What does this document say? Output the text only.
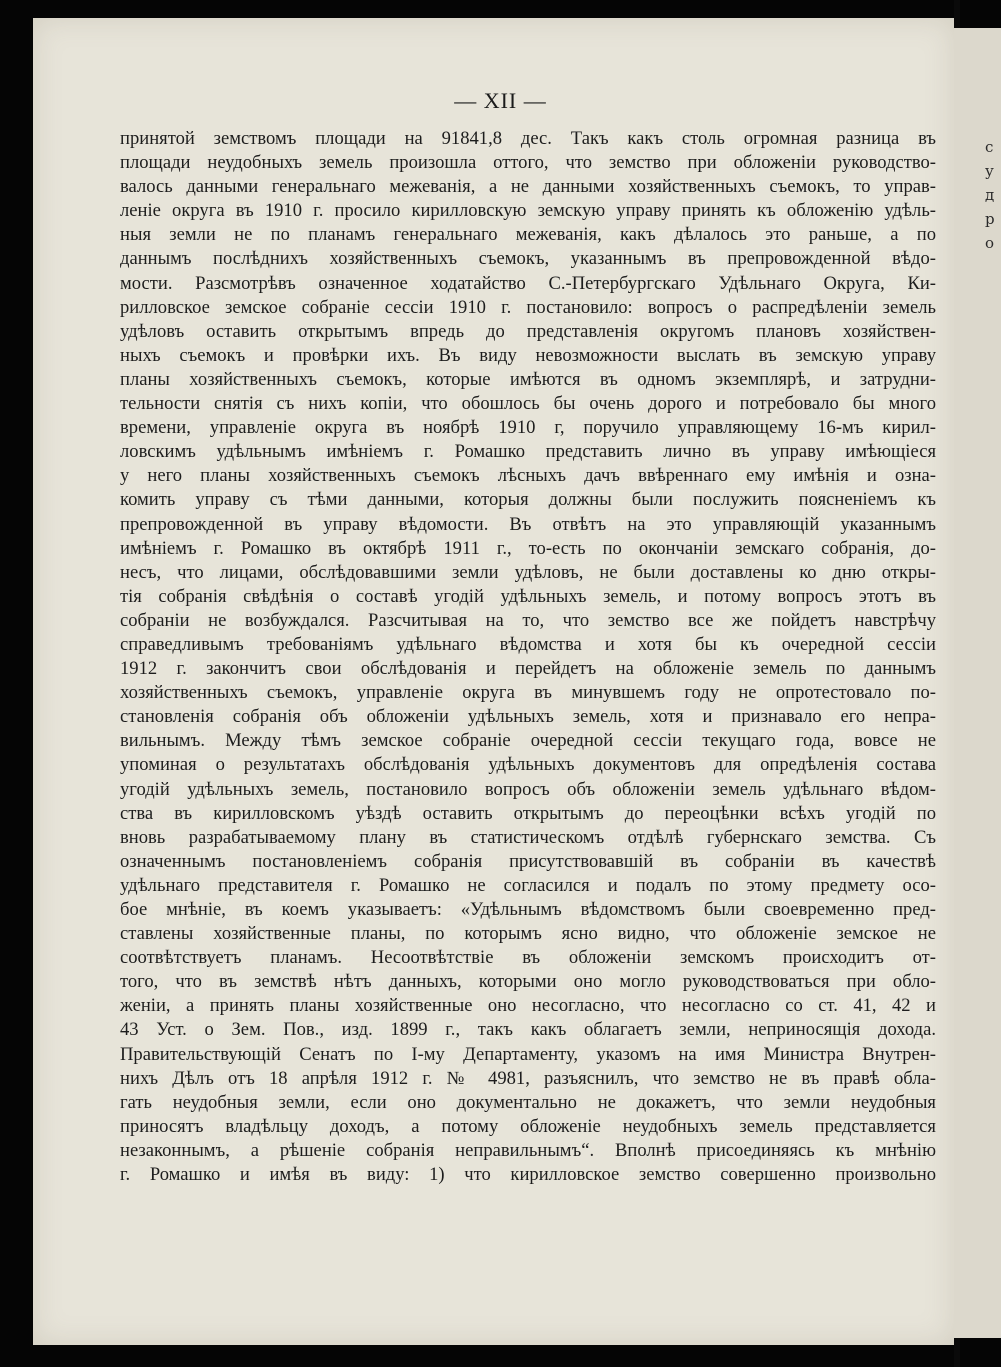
с
у
д
р
о
— XII —
принятой земствомъ площади на 91841,8 дес. Такъ какъ столь огромная разница въ
площади неудобныхъ земель произошла оттого, что земство при обложеніи руководство-
валось данными генеральнаго межеванія, а не данными хозяйственныхъ съемокъ, то управ-
леніе округа въ 1910 г. просило кирилловскую земскую управу принять къ обложенію удѣль-
ныя земли не по планамъ генеральнаго межеванія, какъ дѣлалось это раньше, а по
даннымъ послѣднихъ хозяйственныхъ съемокъ, указаннымъ въ препровожденной вѣдо-
мости. Разсмотрѣвъ означенное ходатайство С.-Петербургскаго Удѣльнаго Округа, Ки-
рилловское земское собраніе сессіи 1910 г. постановило: вопросъ о распредѣленіи земель
удѣловъ оставить открытымъ впредь до представленія округомъ плановъ хозяйствен-
ныхъ съемокъ и провѣрки ихъ. Въ виду невозможности выслать въ земскую управу
планы хозяйственныхъ съемокъ, которые имѣются въ одномъ экземплярѣ, и затрудни-
тельности снятія съ нихъ копіи, что обошлось бы очень дорого и потребовало бы много
времени, управленіе округа въ ноябрѣ 1910 г, поручило управляющему 16-мъ кирил-
ловскимъ удѣльнымъ имѣніемъ г. Ромашко представить лично въ управу имѣющіеся
у него планы хозяйственныхъ съемокъ лѣсныхъ дачъ ввѣреннаго ему имѣнія и озна-
комить управу съ тѣми данными, которыя должны были послужить поясненіемъ къ
препровожденной въ управу вѣдомости. Въ отвѣтъ на это управляющій указаннымъ
имѣніемъ г. Ромашко въ октябрѣ 1911 г., то-есть по окончаніи земскаго собранія, до-
несъ, что лицами, обслѣдовавшими земли удѣловъ, не были доставлены ко дню откры-
тія собранія свѣдѣнія о составѣ угодій удѣльныхъ земель, и потому вопросъ этотъ въ
собраніи не возбуждался. Разсчитывая на то, что земство все же пойдетъ навстрѣчу
справедливымъ требованіямъ удѣльнаго вѣдомства и хотя бы къ очередной сессіи
1912 г. закончитъ свои обслѣдованія и перейдетъ на обложеніе земель по даннымъ
хозяйственныхъ съемокъ, управленіе округа въ минувшемъ году не опротестовало по-
становленія собранія объ обложеніи удѣльныхъ земель, хотя и признавало его непра-
вильнымъ. Между тѣмъ земское собраніе очередной сессіи текущаго года, вовсе не
упоминая о результатахъ обслѣдованія удѣльныхъ документовъ для опредѣленія состава
угодій удѣльныхъ земель, постановило вопросъ объ обложеніи земель удѣльнаго вѣдом-
ства въ кирилловскомъ уѣздѣ оставить открытымъ до переоцѣнки всѣхъ угодій по
вновь разрабатываемому плану въ статистическомъ отдѣлѣ губернскаго земства. Съ
означеннымъ постановленіемъ собранія присутствовавшій въ собраніи въ качествѣ
удѣльнаго представителя г. Ромашко не согласился и подалъ по этому предмету осо-
бое мнѣніе, въ коемъ указываетъ: «Удѣльнымъ вѣдомствомъ были своевременно пред-
ставлены хозяйственные планы, по которымъ ясно видно, что обложеніе земское не
соотвѣтствуетъ планамъ. Несоотвѣтствіе въ обложеніи земскомъ происходитъ от-
того, что въ земствѣ нѣтъ данныхъ, которыми оно могло руководствоваться при обло-
женіи, а принять планы хозяйственные оно несогласно, что несогласно со ст. 41, 42 и
43 Уст. о Зем. Пов., изд. 1899 г., такъ какъ облагаетъ земли, неприносящія дохода.
Правительствующій Сенатъ по I-му Департаменту, указомъ на имя Министра Внутрен-
нихъ Дѣлъ отъ 18 апрѣля 1912 г. № 4981, разъяснилъ, что земство не въ правѣ обла-
гать неудобныя земли, если оно документально не докажетъ, что земли неудобныя
приносятъ владѣльцу доходъ, а потому обложеніе неудобныхъ земель представляется
незаконнымъ, а рѣшеніе собранія неправильнымъ“. Вполнѣ присоединяясь къ мнѣнію
г. Ромашко и имѣя въ виду: 1) что кирилловское земство совершенно произвольно
